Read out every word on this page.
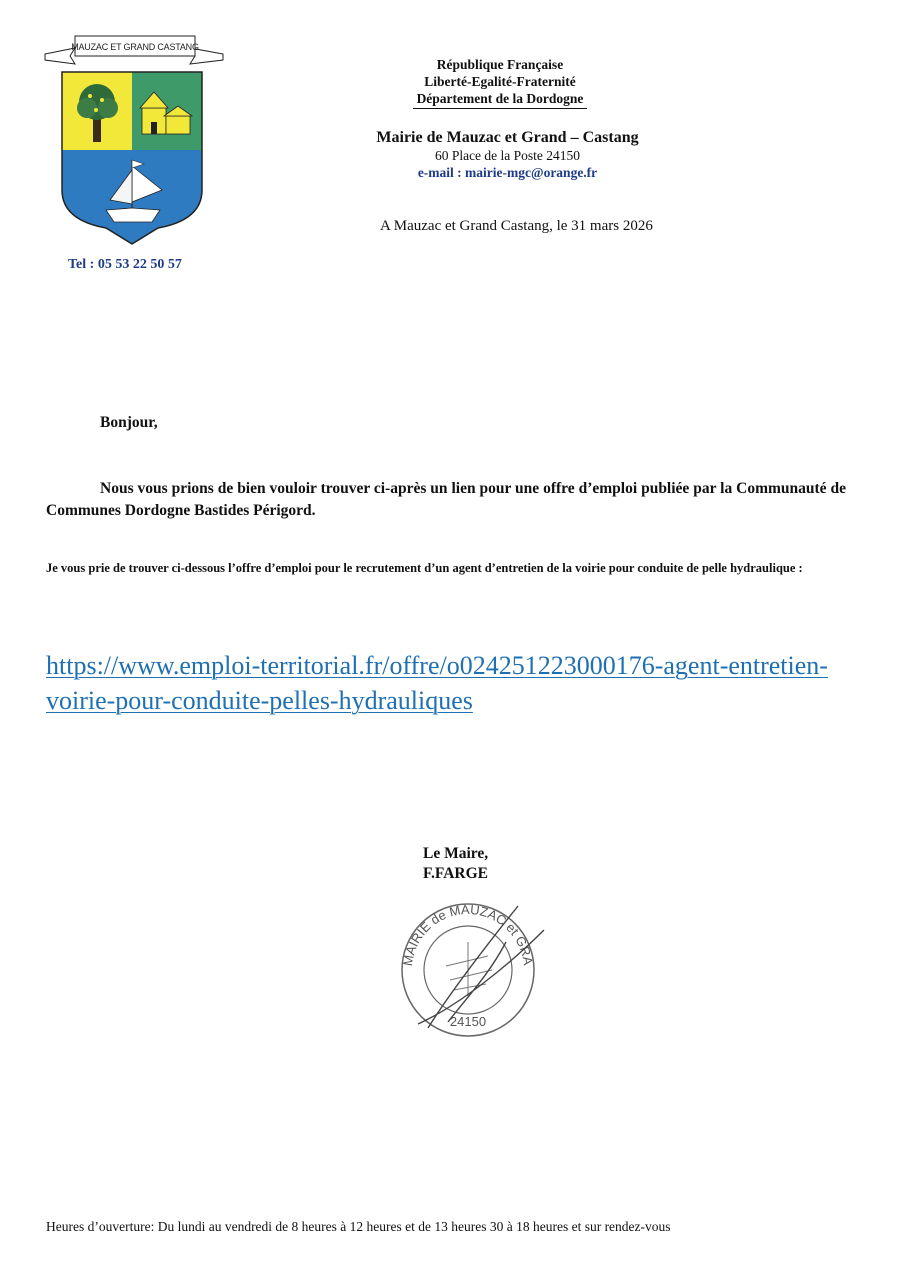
MAUZAC ET GRAND CASTANG
Tel : 05 53 22 50 57
République Française
Liberté-Egalité-Fraternité
Département de la Dordogne
Mairie de Mauzac et Grand – Castang
60 Place de la Poste 24150
e-mail : mairie-mgc@orange.fr
A Mauzac et Grand Castang, le 31 mars 2026
Bonjour,
Nous vous prions de bien vouloir trouver ci-après un lien pour une offre d’emploi publiée par la Communauté de Communes Dordogne Bastides Périgord.
Je vous prie de trouver ci-dessous l’offre d’emploi pour le recrutement d’un agent d’entretien de la voirie pour conduite de pelle hydraulique :
https://www.emploi-territorial.fr/offre/o024251223000176-agent-entretien-voirie-pour-conduite-pelles-hydrauliques
Le Maire,
F.FARGE
MAIRIE de MAUZAC et GRA
24150
Heures d’ouverture: Du lundi au vendredi de 8 heures à 12 heures et de 13 heures 30 à 18 heures et sur rendez-vous
